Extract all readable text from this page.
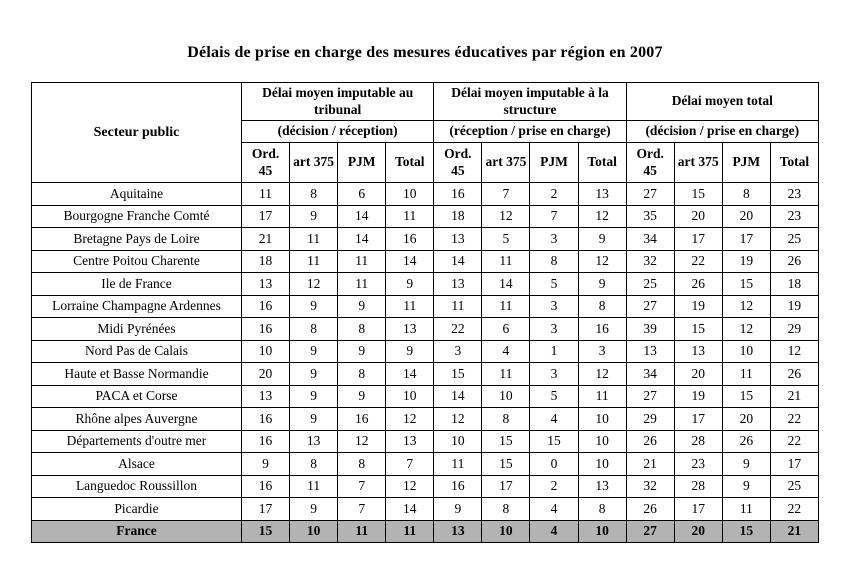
Délais de prise en charge des mesures éducatives par région en 2007
Secteur public	Délai moyen imputable au tribunal				Délai moyen imputable à la structure				Délai moyen total			
	(décision / réception)				(réception / prise en charge)				(décision / prise en charge)			
	Ord. 45	art 375	PJM	Total	Ord. 45	art 375	PJM	Total	Ord. 45	art 375	PJM	Total
Aquitaine	11	8	6	10	16	7	2	13	27	15	8	23
Bourgogne Franche Comté	17	9	14	11	18	12	7	12	35	20	20	23
Bretagne Pays de Loire	21	11	14	16	13	5	3	9	34	17	17	25
Centre Poitou Charente	18	11	11	14	14	11	8	12	32	22	19	26
Ile de France	13	12	11	9	13	14	5	9	25	26	15	18
Lorraine Champagne Ardennes	16	9	9	11	11	11	3	8	27	19	12	19
Midi Pyrénées	16	8	8	13	22	6	3	16	39	15	12	29
Nord Pas de Calais	10	9	9	9	3	4	1	3	13	13	10	12
Haute et Basse Normandie	20	9	8	14	15	11	3	12	34	20	11	26
PACA et Corse	13	9	9	10	14	10	5	11	27	19	15	21
Rhône alpes Auvergne	16	9	16	12	12	8	4	10	29	17	20	22
Départements d'outre mer	16	13	12	13	10	15	15	10	26	28	26	22
Alsace	9	8	8	7	11	15	0	10	21	23	9	17
Languedoc Roussillon	16	11	7	12	16	17	2	13	32	28	9	25
Picardie	17	9	7	14	9	8	4	8	26	17	11	22
France	15	10	11	11	13	10	4	10	27	20	15	21
